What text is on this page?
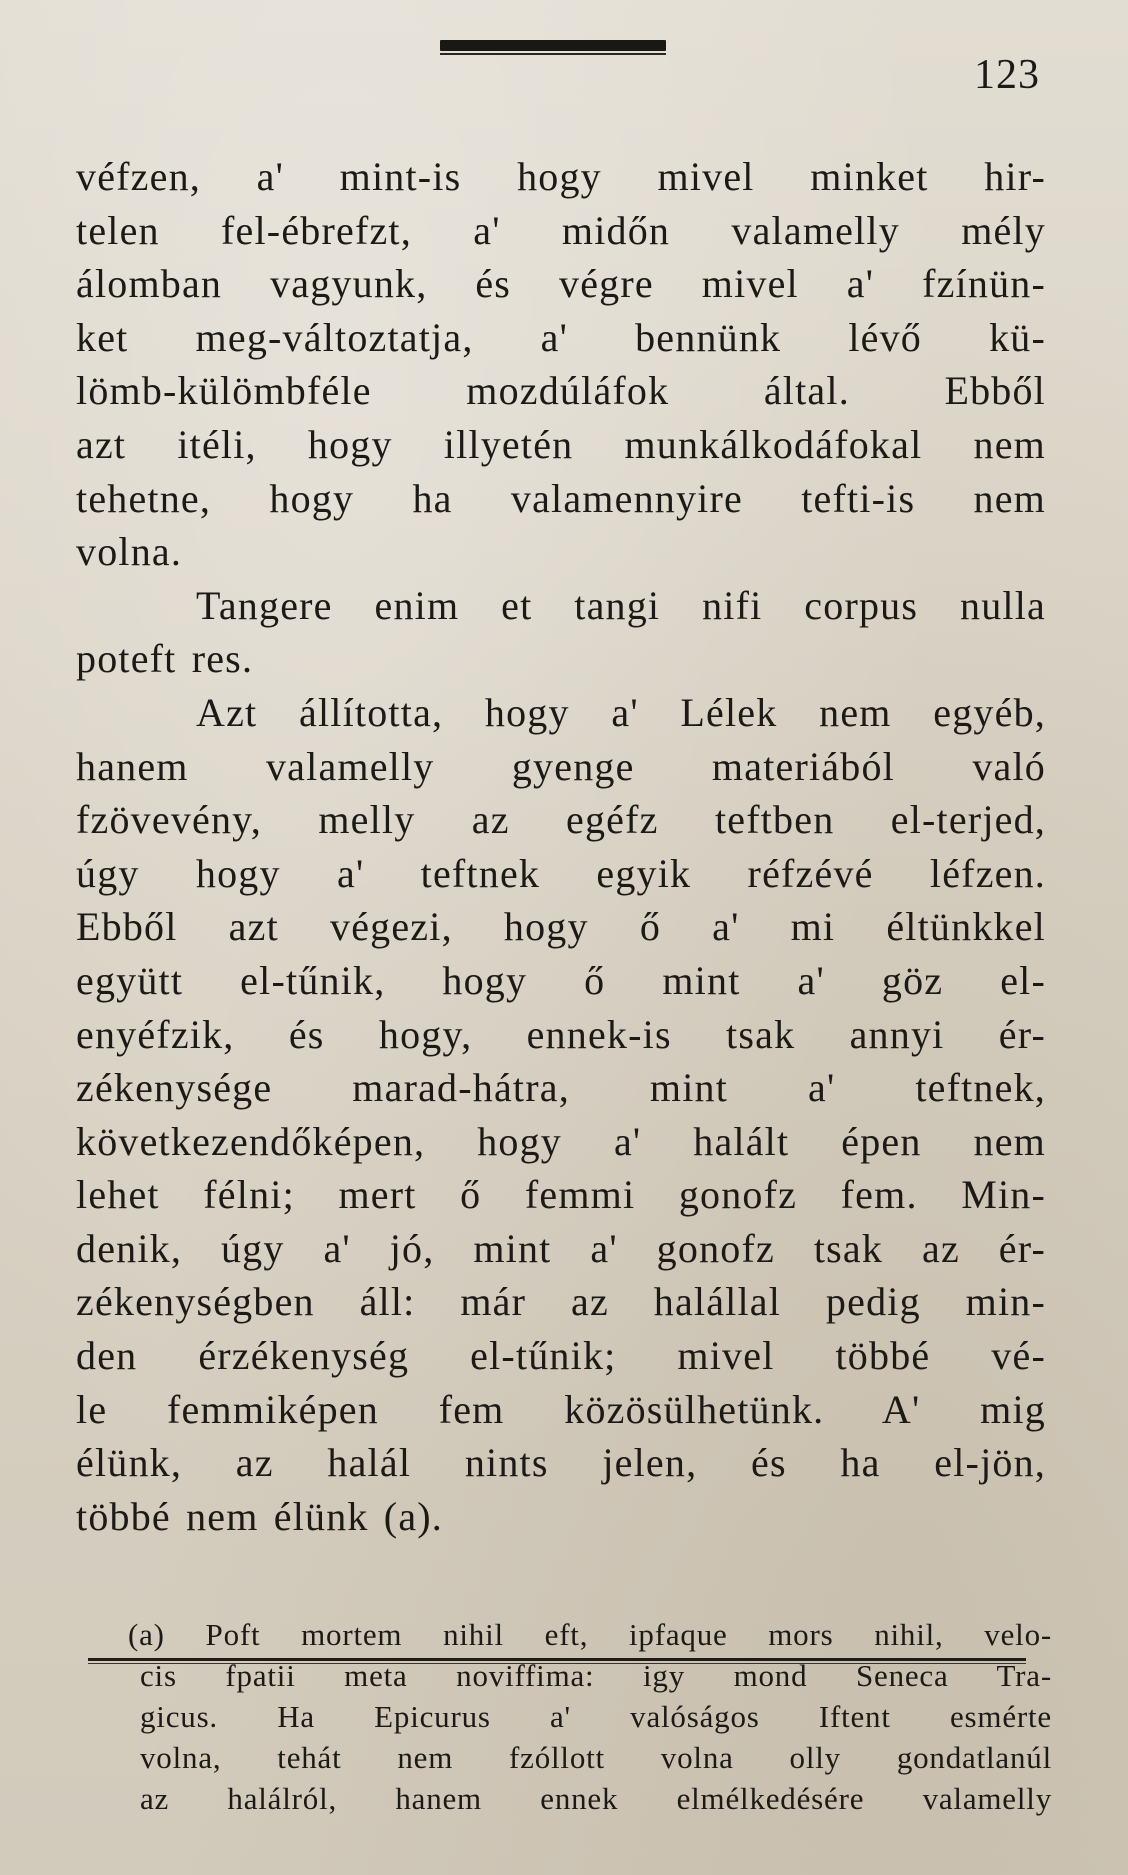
123
véfzen, a' mint-is hogy mivel minket hir-
telen fel-ébrefzt, a' midőn valamelly mély
álomban vagyunk, és végre mivel a' fzínün-
ket meg-változtatja, a' bennünk lévő kü-
lömb-külömbféle mozdúláfok által. Ebből
azt itéli, hogy illyetén munkálkodáfokal nem
tehetne, hogy ha valamennyire tefti-is nem
volna.
Tangere enim et tangi nifi corpus nulla
poteft res.
Azt állította, hogy a' Lélek nem egyéb,
hanem valamelly gyenge materiából való
fzövevény, melly az egéfz teftben el-terjed,
úgy hogy a' teftnek egyik réfzévé léfzen.
Ebből azt végezi, hogy ő a' mi éltünkkel
együtt el-tűnik, hogy ő mint a' göz el-
enyéfzik, és hogy, ennek-is tsak annyi ér-
zékenysége marad-hátra, mint a' teftnek,
következendőképen, hogy a' halált épen nem
lehet félni; mert ő femmi gonofz fem. Min-
denik, úgy a' jó, mint a' gonofz tsak az ér-
zékenységben áll: már az halállal pedig min-
den érzékenység el-tűnik; mivel többé vé-
le femmiképen fem közösülhetünk. A' mig
élünk, az halál nints jelen, és ha el-jön,
többé nem élünk (a).
(a) Poft mortem nihil eft, ipfaque mors nihil, velo-
cis fpatii meta noviffima: igy mond Seneca Tra-
gicus. Ha Epicurus a' valóságos Iftent esmérte
volna, tehát nem fzóllott volna olly gondatlanúl
az halálról, hanem ennek elmélkedésére valamelly
